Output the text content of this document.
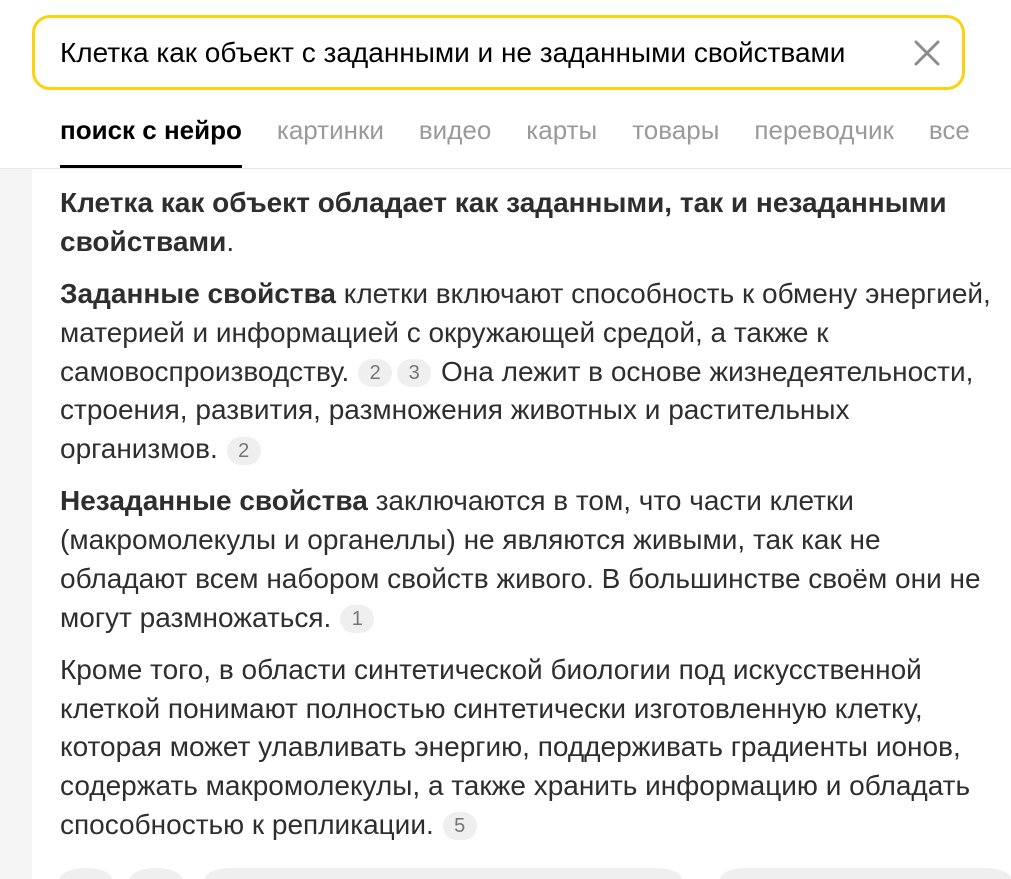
Клетка как объект с заданными и не заданными свойствами
поиск с нейро картинки видео карты товары переводчик все

Клетка как объект обладает как заданными, так и незаданными свойствами.

Заданные свойства клетки включают способность к обмену энергией, материей и информацией с окружающей средой, а также к самовоспроизводству. 2 3 Она лежит в основе жизнедеятельности, строения, развития, размножения животных и растительных организмов. 2

Незаданные свойства заключаются в том, что части клетки (макромолекулы и органеллы) не являются живыми, так как не обладают всем набором свойств живого. В большинстве своём они не могут размножаться. 1

Кроме того, в области синтетической биологии под искусственной клеткой понимают полностью синтетически изготовленную клетку, которая может улавливать энергию, поддерживать градиенты ионов, содержать макромолекулы, а также хранить информацию и обладать способностью к репликации. 5
